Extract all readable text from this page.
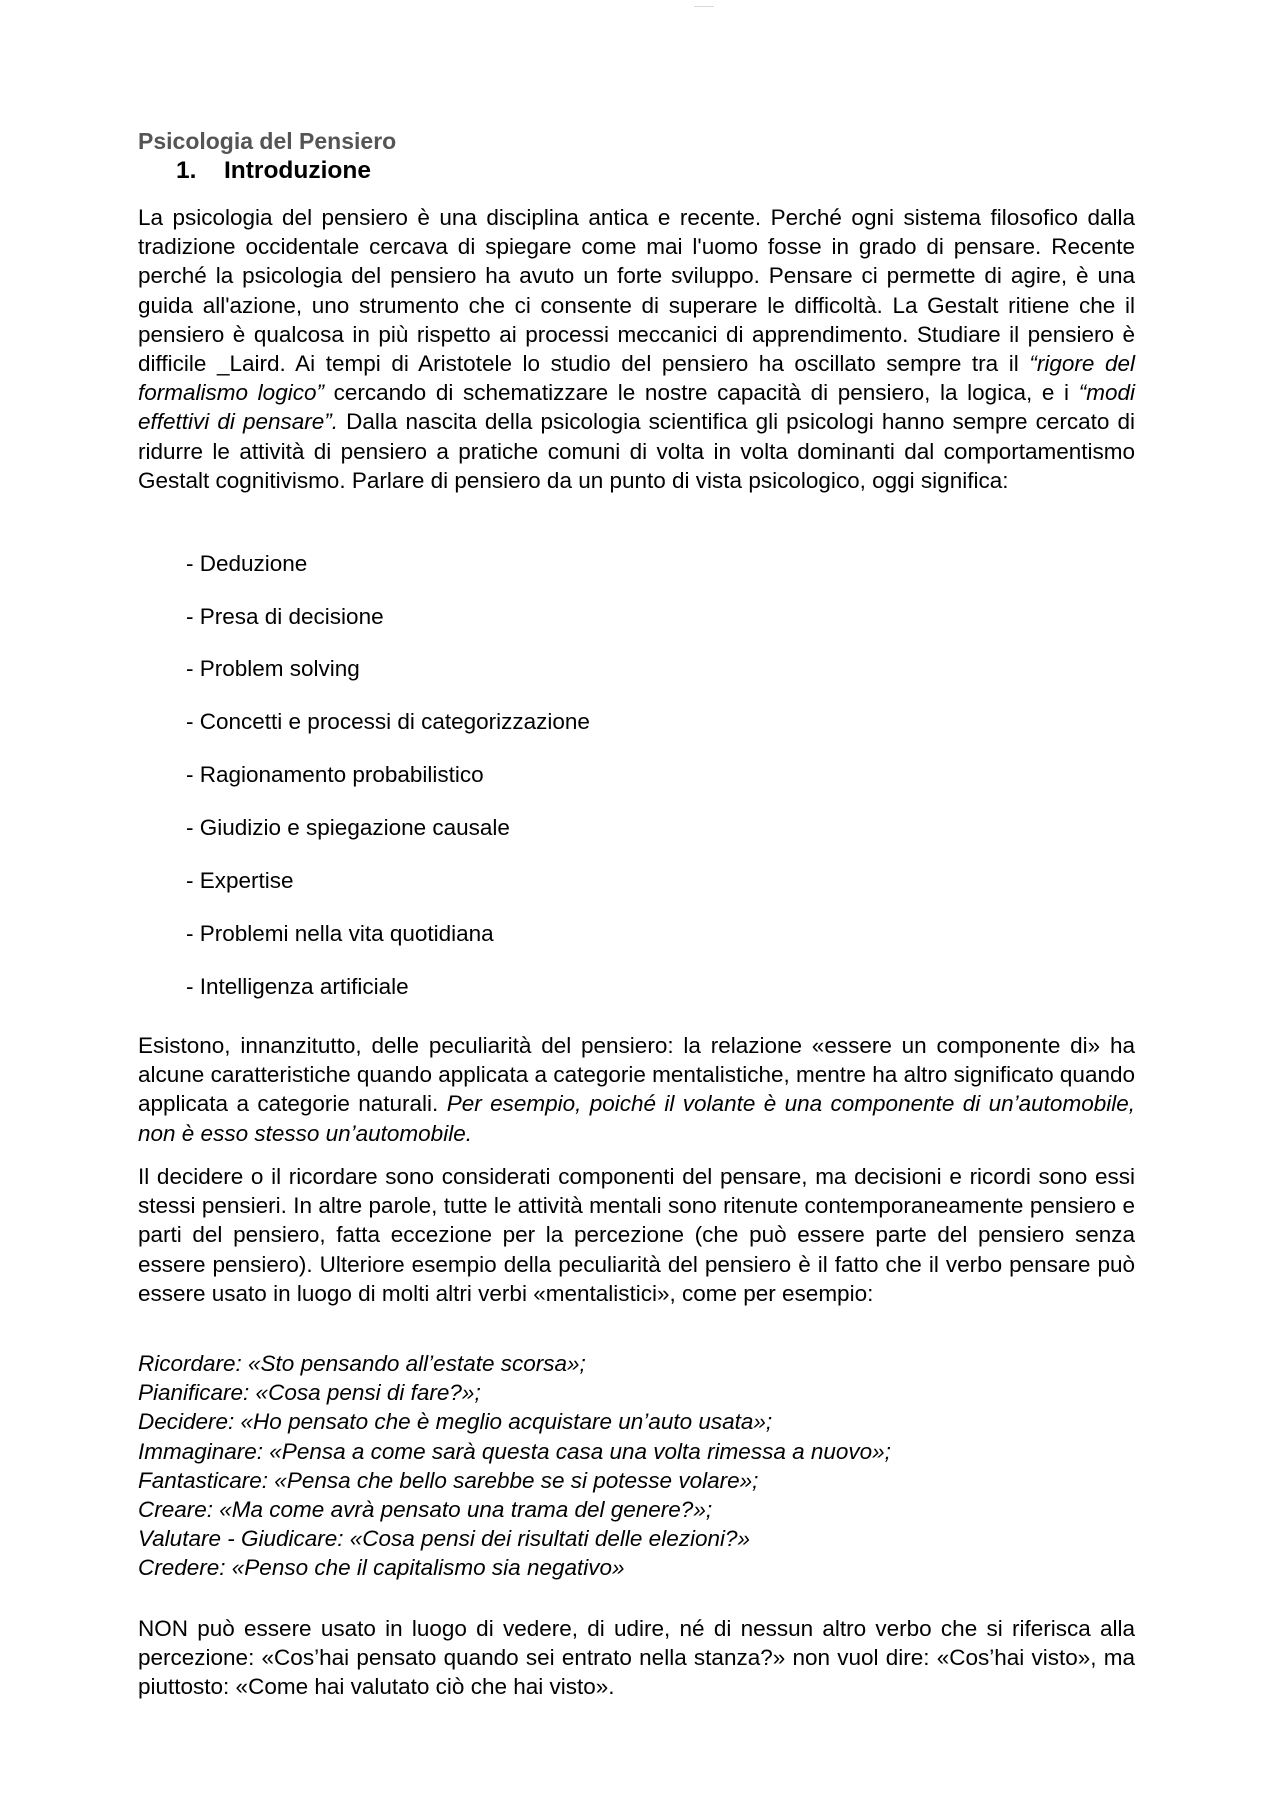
Psicologia del Pensiero
1. Introduzione

La psicologia del pensiero è una disciplina antica e recente. Perché ogni sistema filosofico dalla tradizione occidentale cercava di spiegare come mai l'uomo fosse in grado di pensare. Recente perché la psicologia del pensiero ha avuto un forte sviluppo. Pensare ci permette di agire, è una guida all'azione, uno strumento che ci consente di superare le difficoltà. La Gestalt ritiene che il pensiero è qualcosa in più rispetto ai processi meccanici di apprendimento. Studiare il pensiero è difficile _Laird. Ai tempi di Aristotele lo studio del pensiero ha oscillato sempre tra il “rigore del formalismo logico” cercando di schematizzare le nostre capacità di pensiero, la logica, e i “modi effettivi di pensare”. Dalla nascita della psicologia scientifica gli psicologi hanno sempre cercato di ridurre le attività di pensiero a pratiche comuni di volta in volta dominanti dal comportamentismo Gestalt cognitivismo. Parlare di pensiero da un punto di vista psicologico, oggi significa:

- Deduzione
- Presa di decisione
- Problem solving
- Concetti e processi di categorizzazione
- Ragionamento probabilistico
- Giudizio e spiegazione causale
- Expertise
- Problemi nella vita quotidiana
- Intelligenza artificiale

Esistono, innanzitutto, delle peculiarità del pensiero: la relazione «essere un componente di» ha alcune caratteristiche quando applicata a categorie mentalistiche, mentre ha altro significato quando applicata a categorie naturali. Per esempio, poiché il volante è una componente di un’automobile, non è esso stesso un’automobile.

Il decidere o il ricordare sono considerati componenti del pensare, ma decisioni e ricordi sono essi stessi pensieri. In altre parole, tutte le attività mentali sono ritenute contemporaneamente pensiero e parti del pensiero, fatta eccezione per la percezione (che può essere parte del pensiero senza essere pensiero). Ulteriore esempio della peculiarità del pensiero è il fatto che il verbo pensare può essere usato in luogo di molti altri verbi «mentalistici», come per esempio:

Ricordare: «Sto pensando all’estate scorsa»;
Pianificare: «Cosa pensi di fare?»;
Decidere: «Ho pensato che è meglio acquistare un’auto usata»;
Immaginare: «Pensa a come sarà questa casa una volta rimessa a nuovo»;
Fantasticare: «Pensa che bello sarebbe se si potesse volare»;
Creare: «Ma come avrà pensato una trama del genere?»;
Valutare - Giudicare: «Cosa pensi dei risultati delle elezioni?»
Credere: «Penso che il capitalismo sia negativo»

NON può essere usato in luogo di vedere, di udire, né di nessun altro verbo che si riferisca alla percezione: «Cos’hai pensato quando sei entrato nella stanza?» non vuol dire: «Cos’hai visto», ma piuttosto: «Come hai valutato ciò che hai visto».
